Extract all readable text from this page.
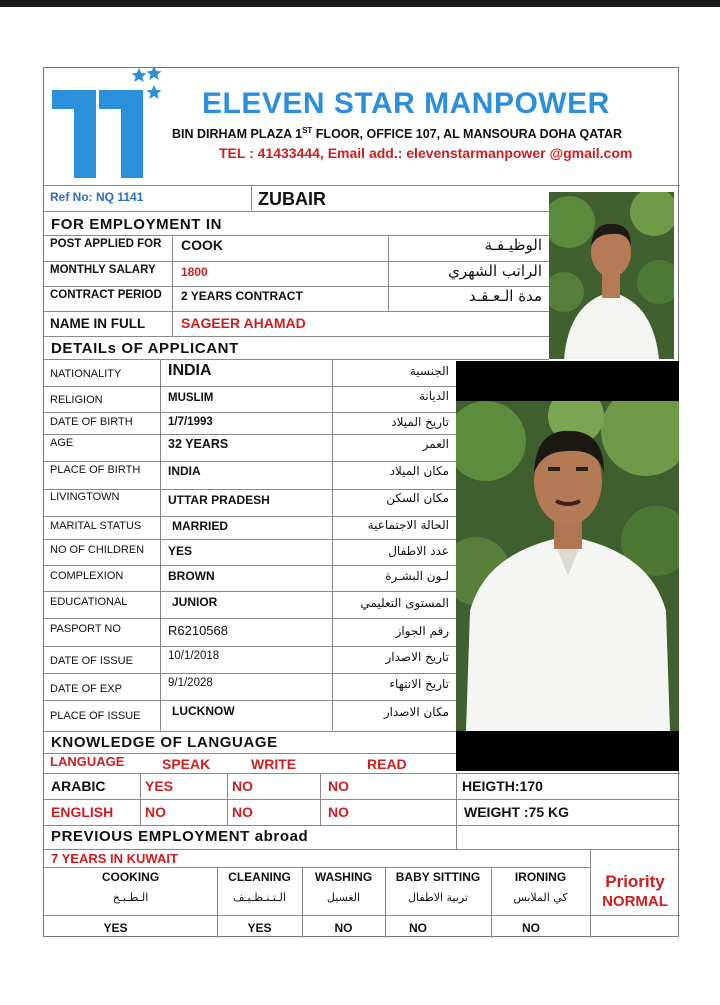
ELEVEN STAR MANPOWER
BIN DIRHAM PLAZA 1ST FLOOR, OFFICE 107, AL MANSOURA DOHA QATAR
TEL : 41433444, Email add.: elevenstarmanpower @gmail.com
Ref No: NQ 1141	ZUBAIR
FOR EMPLOYMENT IN
POST APPLIED FOR COOK	الوظيـفـة
MONTHLY SALARY 1800	الراتب الشهري
CONTRACT PERIOD 2 YEARS CONTRACT	مدة الـعـقـد
NAME IN FULL	SAGEER AHAMAD
DETAILs OF APPLICANT
NATIONALITY	INDIA	الجنسية
RELIGION	MUSLIM	الديانة
DATE OF BIRTH	1/7/1993	تاريخ الميلاد
AGE	32 YEARS	العمر
PLACE OF BIRTH INDIA	مكان الميلاد
LIVINGTOWN	UTTAR PRADESH	مكان السكن
MARITAL STATUS	MARRIED	الحالة الاجتماعية
NO OF CHILDREN YES	عدد الاطفال
COMPLEXION	BROWN	لـون البشـرة
EDUCATIONAL	JUNIOR	المستوى التعليمي
PASPORT NO	R6210568	رقم الجواز
DATE OF ISSUE	10/1/2018	تاريخ الاصدار
DATE OF EXP	9/1/2028	تاريخ الانتهاء
PLACE OF ISSUE	LUCKNOW	مكان الاصدار
KNOWLEDGE OF LANGUAGE
LANGUAGE	SPEAK	WRITE	READ
ARABIC	YES	NO	NO	HEIGTH:170
ENGLISH NO	NO	NO	WEIGHT :75 KG
PREVIOUS EMPLOYMENT abroad
7 YEARS IN KUWAIT
COOKING	CLEANING	WASHING	BABY SITTING	IRONING
الـطـبـخ	الـتـنـظـيـف	الغسيل	تربية الاطفال	كي الملابس
YES	YES	NO	NO	NO
Priority
NORMAL
